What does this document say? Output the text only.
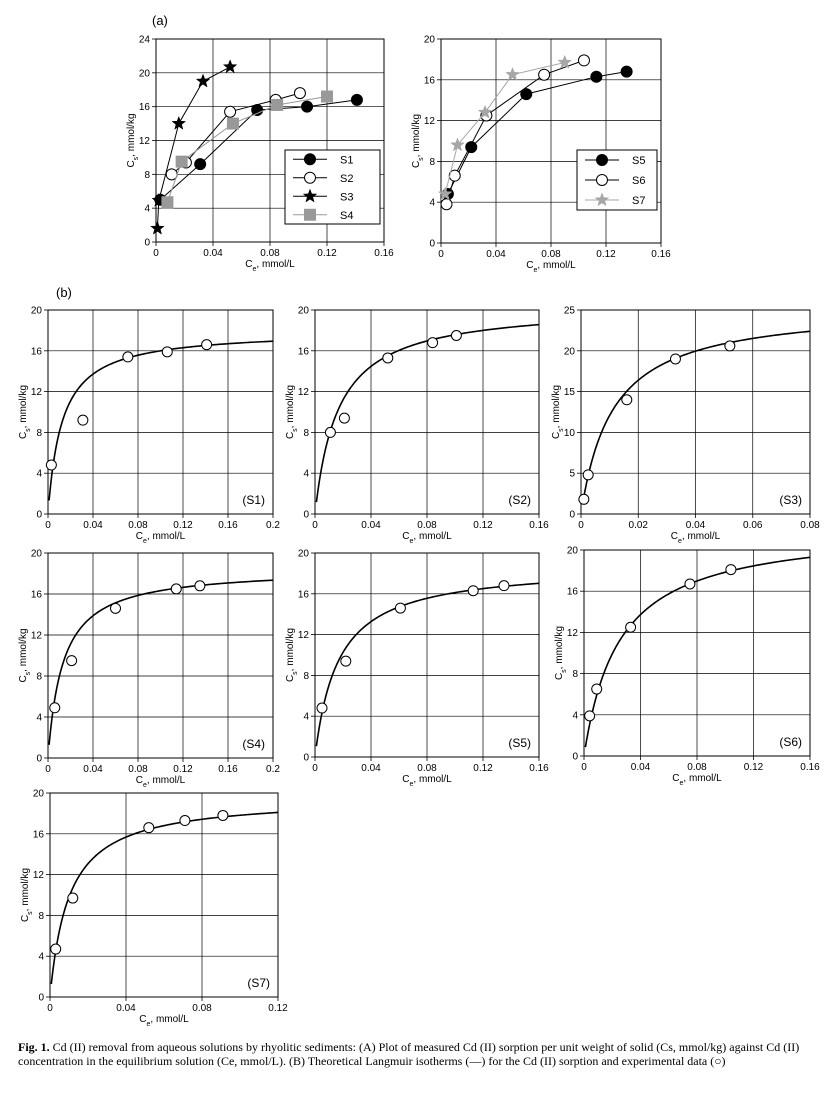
(a)
(b)
0	0.04	0.08	0.12	0.16
0
4
8
12
16
20
24
$C_e$, mmol/L
$C_s$, mmol/kg
S1
S2
S3
S4
0	0.04	0.08	0.12	0.16
0
4
8
12
16
20
$C_e$, mmol/L
$C_s$, mmol/kg
S5
S6
S7
0	0.04	0.08	0.12	0.16	0.2
0
4
8
12
16
20
$C_e$, mmol/L
$C_s$, mmol/kg
(S1)
0	0.04	0.08	0.12	0.16
0
4
8
12
16
20
$C_e$, mmol/L
$C_s$, mmol/kg
(S2)
0	0.02	0.04	0.06	0.08
0
5
10
15
20
25
$C_e$, mmol/L
$C_s$, mmol/kg
(S3)
0	0.04	0.08	0.12	0.16	0.2
0
4
8
12
16
20
$C_e$, mmol/L
$C_s$, mmol/kg
(S4)
0	0.04	0.08	0.12	0.16
0
4
8
12
16
20
$C_e$, mmol/L
$C_s$, mmol/kg
(S5)
0	0.04	0.08	0.12	0.16
0
4
8
12
16
20
$C_e$, mmol/L
$C_s$, mmol/kg
(S6)
0	0.04	0.08	0.12
0
4
8
12
16
20
$C_e$, mmol/L
$C_s$, mmol/kg
(S7)
Fig. 1. Cd (II) removal from aqueous solutions by rhyolitic sediments: (A) Plot of measured Cd (II) sorption per unit weight of solid (Cs, mmol/kg) against Cd (II) concentration in the equilibrium solution (Ce, mmol/L). (B) Theoretical Langmuir isotherms (—) for the Cd (II) sorption and experimental data (○)
